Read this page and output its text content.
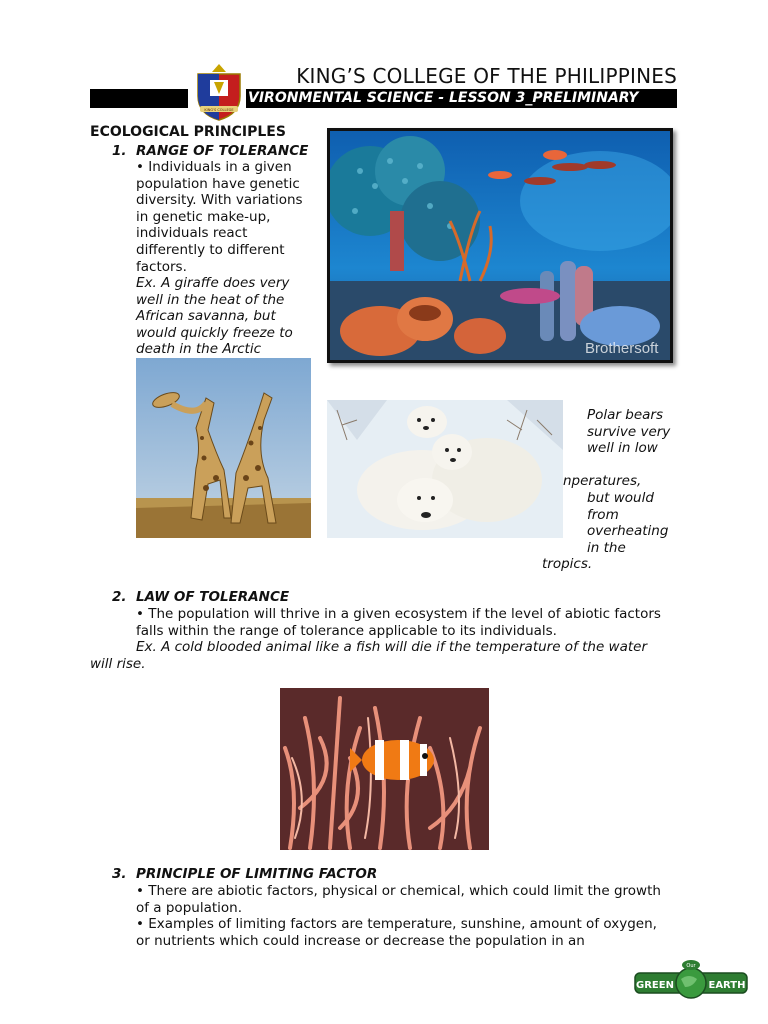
KING'S COLLEGE
KING’S COLLEGE OF THE PHILIPPINES
VIRONMENTAL SCIENCE - LESSON 3_PRELIMINARY
ECOLOGICAL PRINCIPLES
1. RANGE OF TOLERANCE
• Individuals in a given
population have genetic
diversity. With variations
in genetic make-up,
individuals react
differently to different
factors.
Ex. A giraffe does very
well in the heat of the
African savanna, but
would quickly freeze to
death in the Arctic	Brothersoft
Polar bears
survive very
well in low
nperatures,
but would
from
overheating
in the
tropics.
2. LAW OF TOLERANCE
• The population will thrive in a given ecosystem if the level of abiotic factors
falls within the range of tolerance applicable to its individuals.
Ex. A cold blooded animal like a fish will die if the temperature of the water
will rise.
3. PRINCIPLE OF LIMITING FACTOR
• There are abiotic factors, physical or chemical, which could limit the growth
of a population.
• Examples of limiting factors are temperature, sunshine, amount of oxygen,
or nutrients which could increase or decrease the population in an
Our
GREEN	EARTH
